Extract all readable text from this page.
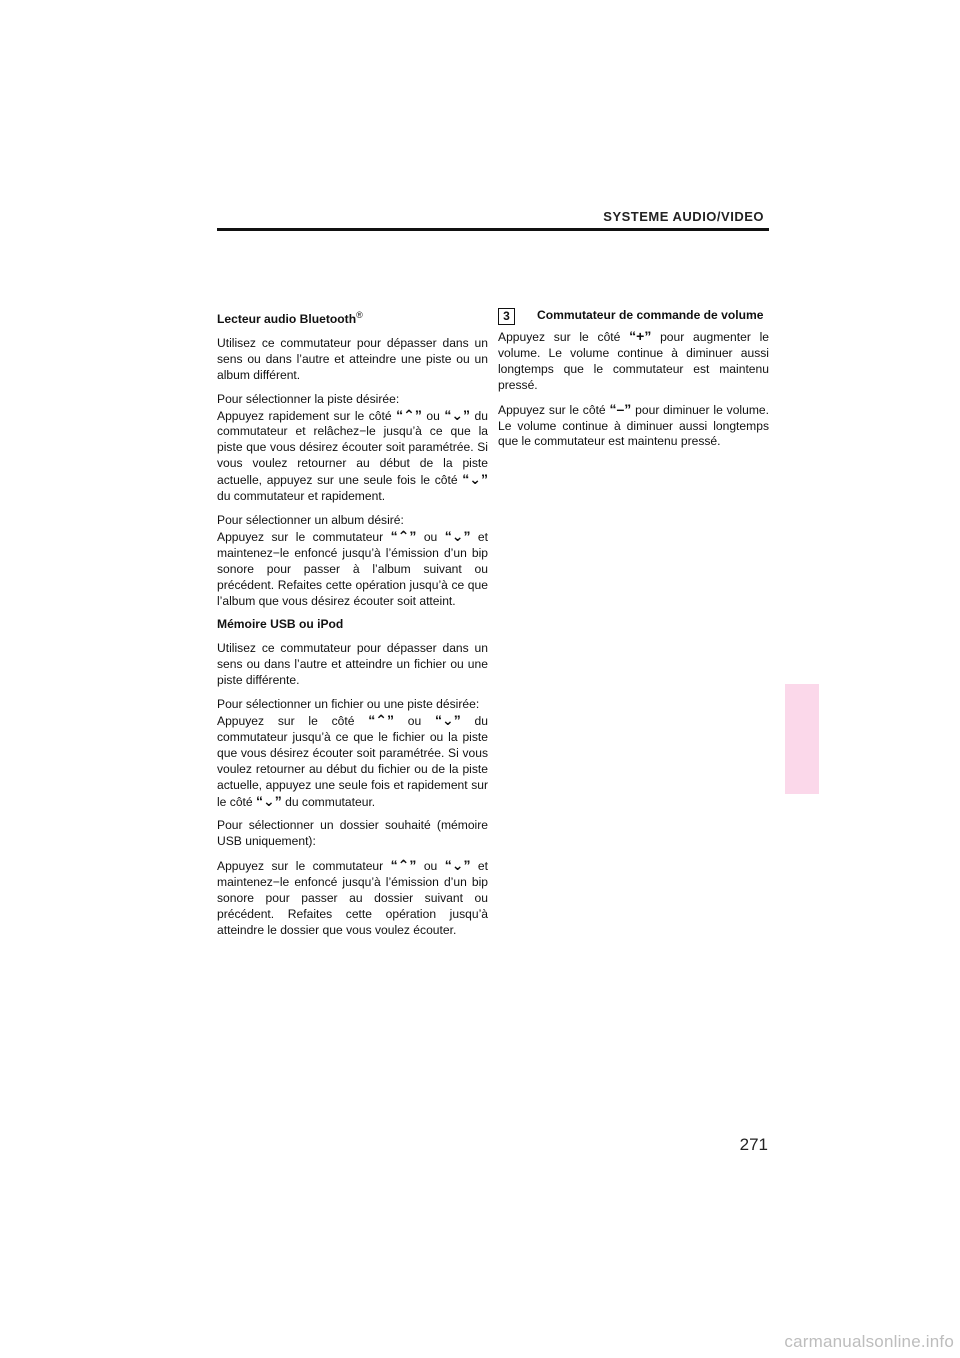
SYSTEME AUDIO/VIDEO

Lecteur audio Bluetooth®

Utilisez ce commutateur pour dépasser dans un sens ou dans l’autre et atteindre une piste ou un album différent.

Pour sélectionner la piste désirée:
Appuyez rapidement sur le côté “⌃” ou “⌄” du commutateur et relâchez−le jusqu’à ce que la piste que vous désirez écouter soit paramétrée. Si vous voulez retourner au début de la piste actuelle, appuyez sur une seule fois le côté “⌄” du commutateur et rapidement.

Pour sélectionner un album désiré:
Appuyez sur le commutateur “⌃” ou “⌄” et maintenez−le enfoncé jusqu’à l’émission d’un bip sonore pour passer à l’album suivant ou précédent. Refaites cette opération jusqu’à ce que l’album que vous désirez écouter soit atteint.

Mémoire USB ou iPod

Utilisez ce commutateur pour dépasser dans un sens ou dans l’autre et atteindre un fichier ou une piste différente.

Pour sélectionner un fichier ou une piste désirée:
Appuyez sur le côté “⌃” ou “⌄” du commutateur jusqu’à ce que le fichier ou la piste que vous désirez écouter soit paramétrée. Si vous voulez retourner au début du fichier ou de la piste actuelle, appuyez une seule fois et rapidement sur le côté “⌄” du commutateur.

Pour sélectionner un dossier souhaité (mémoire USB uniquement):

Appuyez sur le commutateur “⌃” ou “⌄” et maintenez−le enfoncé jusqu’à l’émission d’un bip sonore pour passer au dossier suivant ou précédent. Refaites cette opération jusqu’à atteindre le dossier que vous voulez écouter.

3	Commutateur de commande de volume

Appuyez sur le côté “+” pour augmenter le volume. Le volume continue à diminuer aussi longtemps que le commutateur est maintenu pressé.

Appuyez sur le côté “–” pour diminuer le volume. Le volume continue à diminuer aussi longtemps que le commutateur est maintenu pressé.

271
carmanualsonline.info
